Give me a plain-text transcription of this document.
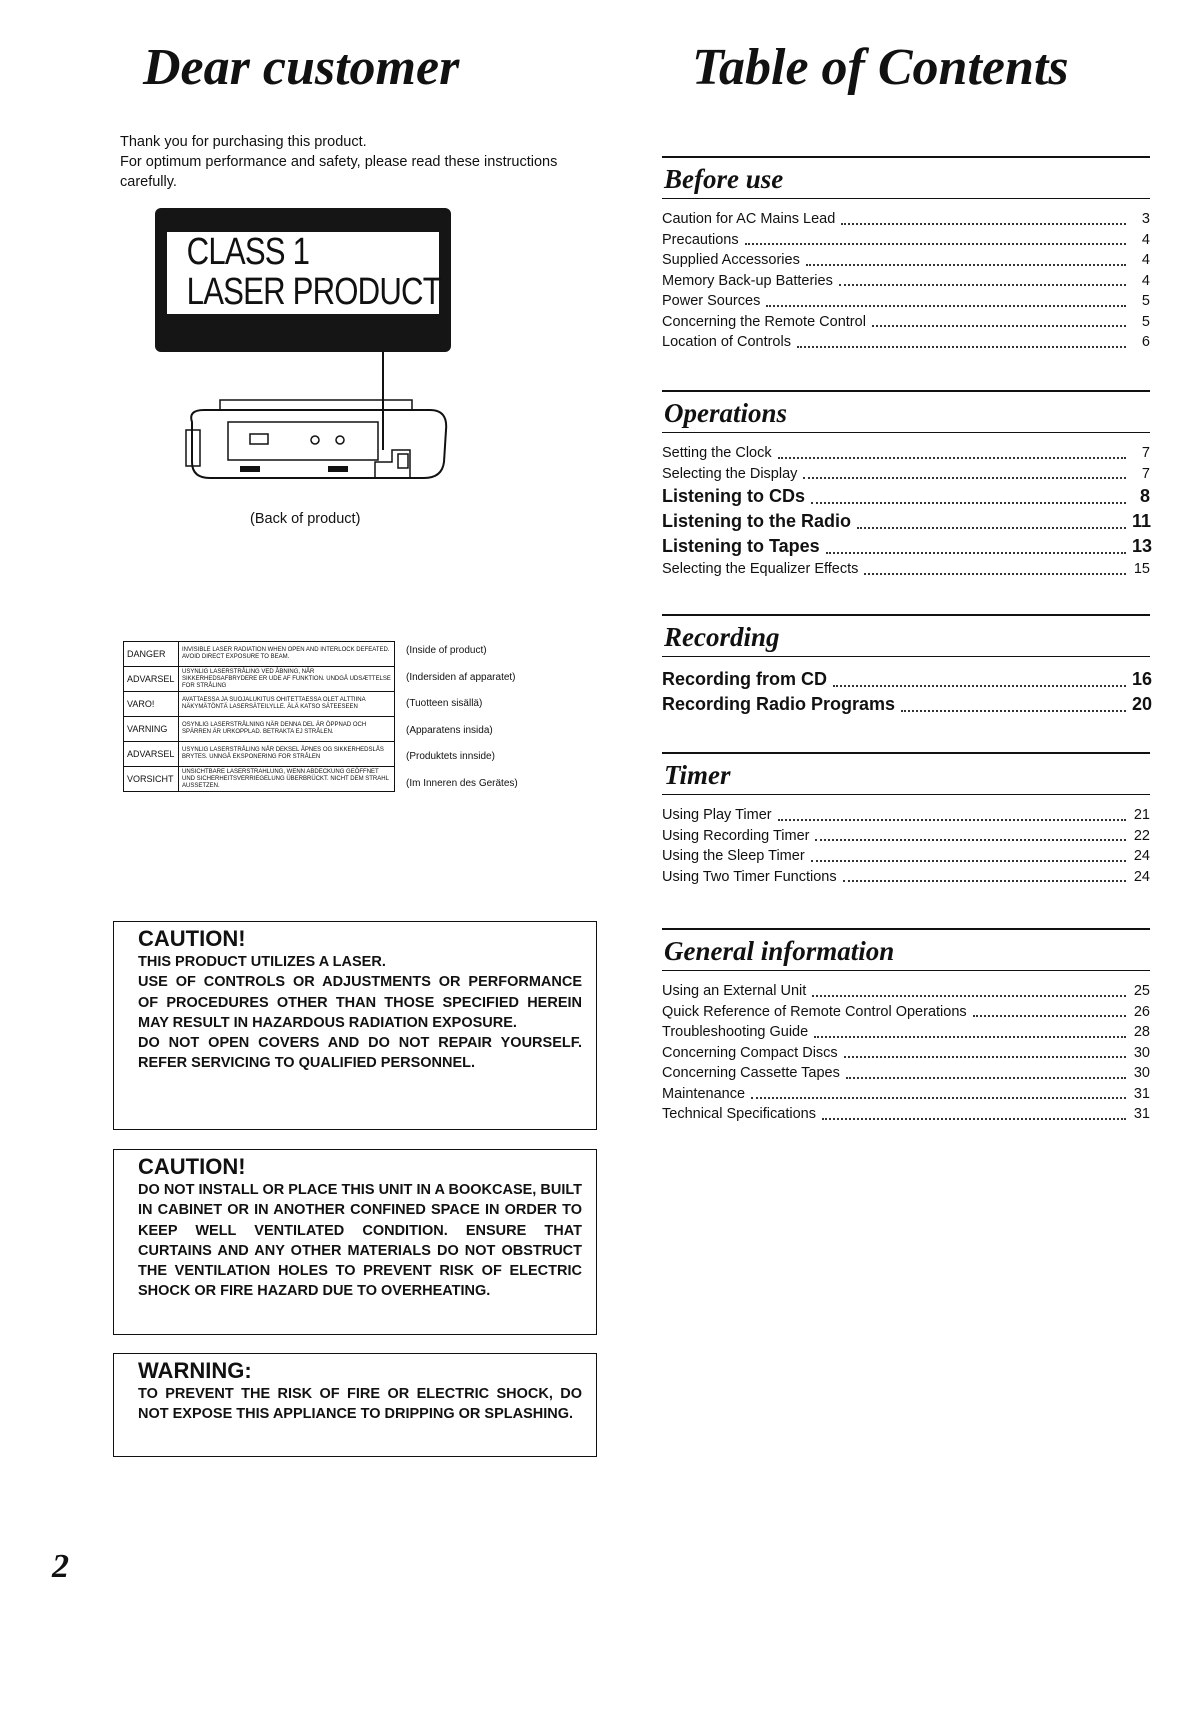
Dear customer
Thank you for purchasing this product.
For optimum performance and safety, please read these instructions
carefully.
CLASS 1
LASER PRODUCT
(Back of product)
DANGER	INVISIBLE LASER RADIATION WHEN OPEN AND INTERLOCK DEFEATED. AVOID DIRECT EXPOSURE TO BEAM.
ADVARSEL	USYNLIG LASERSTRÅLING VED ÅBNING, NÅR SIKKERHEDSAFBRYDERE ER UDE AF FUNKTION. UNDGÅ UDSÆTTELSE FOR STRÅLING
VARO!	AVATTAESSA JA SUOJALUKITUS OHITETTAESSA OLET ALTTIINA NÄKYMÄTÖNTÄ LASERSÄTEILYLLE. ÄLÄ KATSO SÄTEESEEN
VARNING	OSYNLIG LASERSTRÅLNING NÄR DENNA DEL ÄR ÖPPNAD OCH SPÄRREN ÄR URKOPPLAD. BETRAKTA EJ STRÅLEN.
ADVARSEL	USYNLIG LASERSTRÅLING NÅR DEKSEL ÅPNES OG SIKKERHEDSLÅS BRYTES. UNNGÅ EKSPONERING FOR STRÅLEN
VORSICHT	UNSICHTBARE LASERSTRAHLUNG, WENN ABDECKUNG GEÖFFNET UND SICHERHEITSVERRIEGELUNG ÜBERBRÜCKT. NICHT DEM STRAHL AUSSETZEN.
(Inside of product)
(Indersiden af apparatet)
(Tuotteen sisällä)
(Apparatens insida)
(Produktets innside)
(Im Inneren des Gerätes)
CAUTION!

THIS PRODUCT UTILIZES A LASER.

USE OF CONTROLS OR ADJUSTMENTS OR PERFORMANCE OF PROCEDURES OTHER THAN THOSE SPECIFIED HEREIN MAY RESULT IN HAZARDOUS RADIATION EXPOSURE.

DO NOT OPEN COVERS AND DO NOT REPAIR YOURSELF. REFER SERVICING TO QUALIFIED PERSONNEL.

CAUTION!

DO NOT INSTALL OR PLACE THIS UNIT IN A BOOKCASE, BUILT IN CABINET OR IN ANOTHER CONFINED SPACE IN ORDER TO KEEP WELL VENTILATED CONDITION. ENSURE THAT CURTAINS AND ANY OTHER MATERIALS DO NOT OBSTRUCT THE VENTILATION HOLES TO PREVENT RISK OF ELECTRIC SHOCK OR FIRE HAZARD DUE TO OVERHEATING.

WARNING:

TO PREVENT THE RISK OF FIRE OR ELECTRIC SHOCK, DO NOT EXPOSE THIS APPLIANCE TO DRIPPING OR SPLASHING.

2
Table of Contents
Before use
Caution for AC Mains Lead	3
Precautions	4
Supplied Accessories	4
Memory Back-up Batteries	4
Power Sources	5
Concerning the Remote Control	5
Location of Controls	6
Operations
Setting the Clock	7
Selecting the Display	7
Listening to CDs	8
Listening to the Radio	11
Listening to Tapes	13
Selecting the Equalizer Effects	15
Recording
Recording from CD	16
Recording Radio Programs	20
Timer
Using Play Timer	21
Using Recording Timer	22
Using the Sleep Timer	24
Using Two Timer Functions	24
General information
Using an External Unit	25
Quick Reference of Remote Control Operations	26
Troubleshooting Guide	28
Concerning Compact Discs	30
Concerning Cassette Tapes	30
Maintenance	31
Technical Specifications	31
